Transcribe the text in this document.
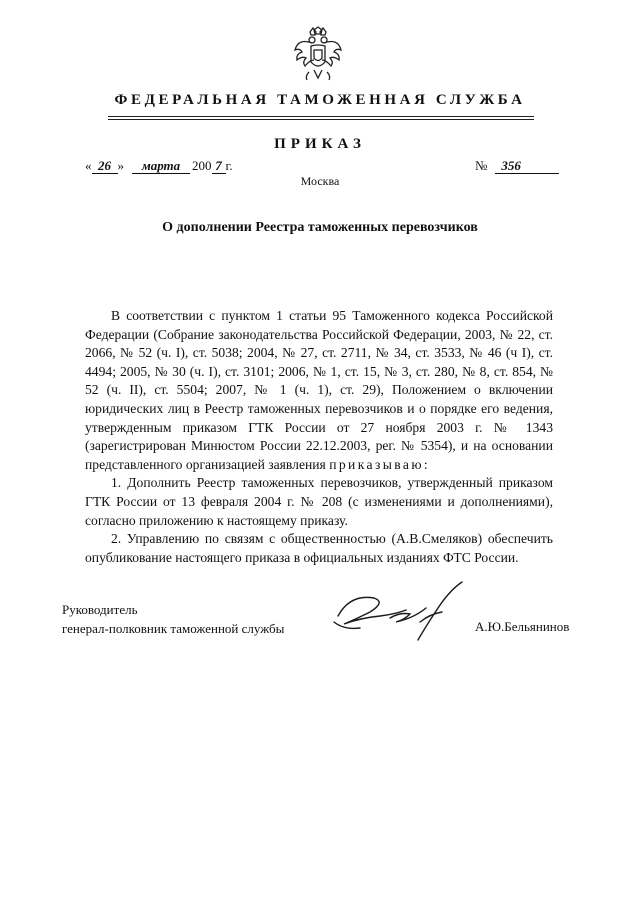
ФЕДЕРАЛЬНАЯ ТАМОЖЕННАЯ СЛУЖБА
ПРИКАЗ
« 26 » марта 200 7 г.	№ 356
Москва
О дополнении Реестра таможенных перевозчиков

В соответствии с пунктом 1 статьи 95 Таможенного кодекса Российской Федерации (Собрание законодательства Российской Федерации, 2003, № 22, ст. 2066, № 52 (ч. I), ст. 5038; 2004, № 27, ст. 2711, № 34, ст. 3533, № 46 (ч I), ст. 4494; 2005, № 30 (ч. I), ст. 3101; 2006, № 1, ст. 15, № 3, ст. 280, № 8, ст. 854, № 52 (ч. II), ст. 5504; 2007, № 1 (ч. 1), ст. 29), Положением о включении юридических лиц в Реестр таможенных перевозчиков и о порядке его ведения, утвержденным приказом ГТК России от 27 ноября 2003 г. № 1343 (зарегистрирован Минюстом России 22.12.2003, рег. № 5354), и на основании представленного организацией заявления приказываю:

1. Дополнить Реестр таможенных перевозчиков, утвержденный приказом ГТК России от 13 февраля 2004 г. № 208 (с изменениями и дополнениями), согласно приложению к настоящему приказу.

2. Управлению по связям с общественностью (А.В.Смеляков) обеспечить опубликование настоящего приказа в официальных изданиях ФТС России.

Руководитель
генерал-полковник таможенной службы	А.Ю.Бельянинов
